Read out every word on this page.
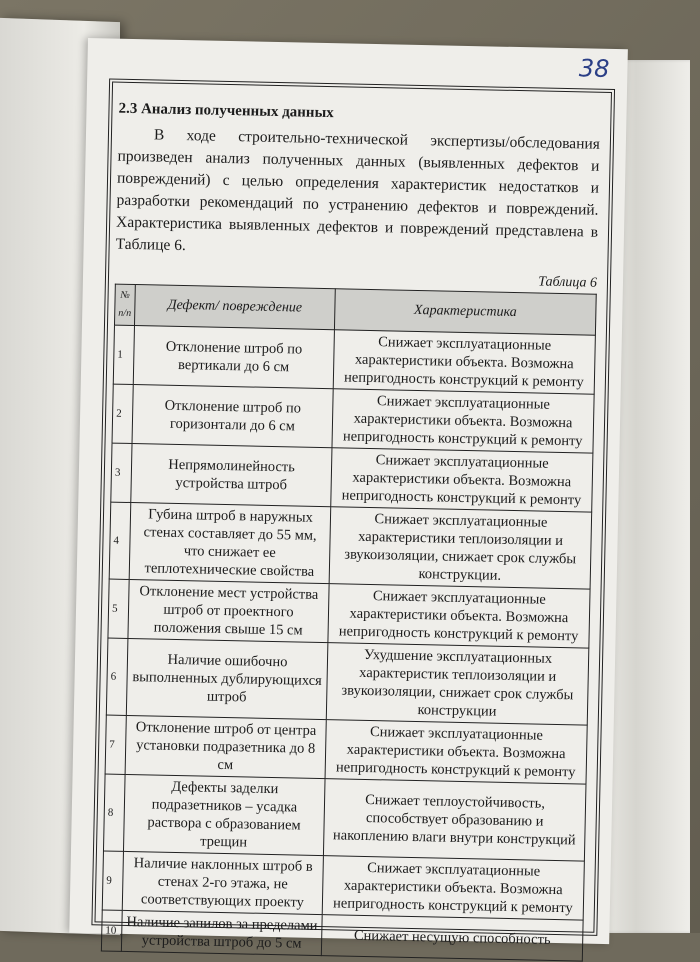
38
2.3 Анализ полученных данных

В ходе строительно-технической экспертизы/обследования произведен анализ полученных данных (выявленных дефектов и повреждений) с целью определения характеристик недостатков и разработки рекомендаций по устранению дефектов и повреждений. Характеристика выявленных дефектов и повреждений представлена в Таблице 6.

Таблица 6
№ п/п	Дефект/ повреждение	Характеристика
1	Отклонение штроб по вертикали до 6 см	Снижает эксплуатационные характеристики объекта. Возможна непригодность конструкций к ремонту
2	Отклонение штроб по горизонтали до 6 см	Снижает эксплуатационные характеристики объекта. Возможна непригодность конструкций к ремонту
3	Непрямолинейность устройства штроб	Снижает эксплуатационные характеристики объекта. Возможна непригодность конструкций к ремонту
4	Губина штроб в наружных стенах составляет до 55 мм, что снижает ее теплотехнические свойства	Снижает эксплуатационные характеристики теплоизоляции и звукоизоляции, снижает срок службы конструкции.
5	Отклонение мест устройства штроб от проектного положения свыше 15 см	Снижает эксплуатационные характеристики объекта. Возможна непригодность конструкций к ремонту
6	Наличие ошибочно выполненных дублирующихся штроб	Ухудшение эксплуатационных характеристик теплоизоляции и звукоизоляции, снижает срок службы конструкции
7	Отклонение штроб от центра установки подразетника до 8 см	Снижает эксплуатационные характеристики объекта. Возможна непригодность конструкций к ремонту
8	Дефекты заделки подразетников – усадка раствора с образованием трещин	Снижает теплоустойчивость, способствует образованию и накоплению влаги внутри конструкций
9	Наличие наклонных штроб в стенах 2-го этажа, не соответствующих проекту	Снижает эксплуатационные характеристики объекта. Возможна непригодность конструкций к ремонту
10	Наличие запилов за пределами устройства штроб до 5 см	Снижает несущую способность
